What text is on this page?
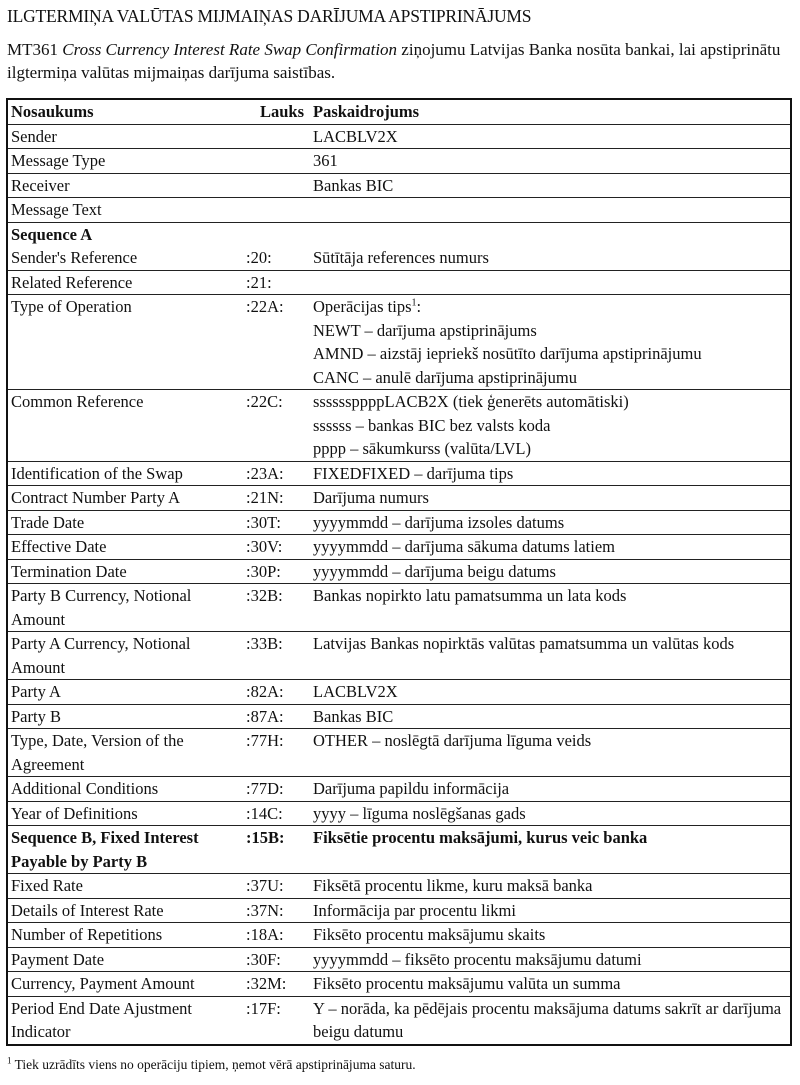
ILGTERMIŅA VALŪTAS MIJMAIŅAS DARĪJUMA APSTIPRINĀJUMS
MT361 Cross Currency Interest Rate Swap Confirmation ziņojumu Latvijas Banka nosūta bankai, lai apstiprinātu ilgtermiņa valūtas mijmaiņas darījuma saistības.
Nosaukums	Lauks	Paskaidrojums
Sender		LACBLV2X

Message Type		361

Receiver		Bankas BIC

Message Text		

Sequence A
Sender's Reference	:20:	Sūtītāja references numurs

Related Reference	:21:	

Type of Operation	:22A:	Operācijas tips$^1$:
NEWT – darījuma apstiprinājums
AMND – aizstāj iepriekš nosūtīto darījuma apstiprinājumu
CANC – anulē darījuma apstiprinājumu

Common Reference	:22C:	ssssssppppLACB2X (tiek ģenerēts automātiski)
ssssss – bankas BIC bez valsts koda
pppp – sākumkurss (valūta/LVL)

Identification of the Swap	:23A:	FIXEDFIXED – darījuma tips

Contract Number Party A	:21N:	Darījuma numurs

Trade Date	:30T:	yyyymmdd – darījuma izsoles datums

Effective Date	:30V:	yyyymmdd – darījuma sākuma datums latiem

Termination Date	:30P:	yyyymmdd – darījuma beigu datums

Party B Currency, Notional Amount	:32B:	Bankas nopirkto latu pamatsumma un lata kods

Party A Currency, Notional Amount	:33B:	Latvijas Bankas nopirktās valūtas pamatsumma un valūtas kods

Party A	:82A:	LACBLV2X

Party B	:87A:	Bankas BIC

Type, Date, Version of the Agreement	:77H:	OTHER – noslēgtā darījuma līguma veids

Additional Conditions	:77D:	Darījuma papildu informācija

Year of Definitions	:14C:	yyyy – līguma noslēgšanas gads

Sequence B, Fixed Interest Payable by Party B	:15B:	Fiksētie procentu maksājumi, kurus veic banka

Fixed Rate	:37U:	Fiksētā procentu likme, kuru maksā banka

Details of Interest Rate	:37N:	Informācija par procentu likmi

Number of Repetitions	:18A:	Fiksēto procentu maksājumu skaits

Payment Date	:30F:	yyyymmdd – fiksēto procentu maksājumu datumi

Currency, Payment Amount	:32M:	Fiksēto procentu maksājumu valūta un summa

Period End Date Ajustment Indicator	:17F:	Y – norāda, ka pēdējais procentu maksājuma datums sakrīt ar darījuma beigu datumu
$^1$ Tiek uzrādīts viens no operāciju tipiem, ņemot vērā apstiprinājuma saturu.
